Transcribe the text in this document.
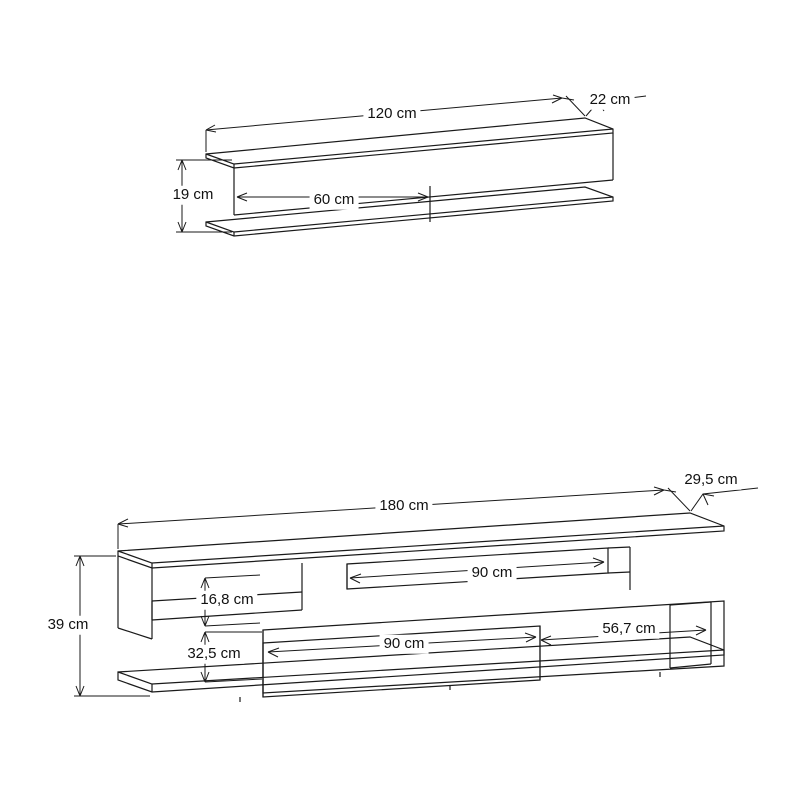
120 cm
22 cm
19 cm	60 cm
180 cm
29,5 cm
39 cm
90 cm
16,8 cm
90 cm
56,7 cm
32,5 cm
